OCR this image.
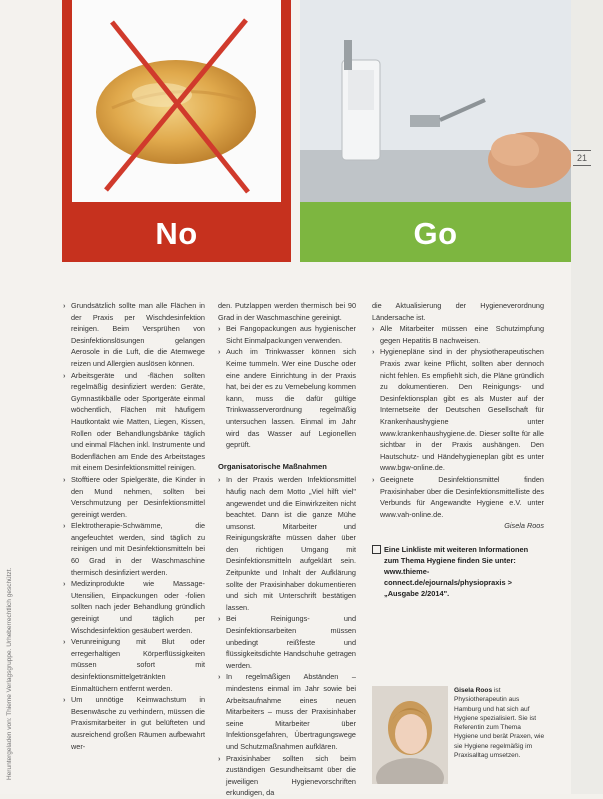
Heruntergeladen von: Thieme Verlagsgruppe. Urheberrechtlich geschützt.
No	Go
21
› Grundsätzlich sollte man alle Flächen in der Praxis per Wischdesinfektion reinigen. Beim Versprühen von Desinfektionslösungen gelangen Aerosole in die Luft, die die Atemwege reizen und Allergien auslösen können.
› Arbeitsgeräte und -flächen sollten regelmäßig desinfiziert werden: Geräte, Gymnastikbälle oder Sportgeräte einmal wöchentlich, Flächen mit häufigem Hautkontakt wie Matten, Liegen, Kissen, Rollen oder Behandlungsbänke täglich und einmal Flächen inkl. Instrumente und Bodenflächen am Ende des Arbeitstages mit einem Desinfektionsmittel reinigen.
› Stofftiere oder Spielgeräte, die Kinder in den Mund nehmen, sollten bei Verschmutzung per Desinfektionsmittel gereinigt werden.
› Elektrotherapie-Schwämme, die angefeuchtet werden, sind täglich zu reinigen und mit Desinfektionsmitteln bei 60 Grad in der Waschmaschine thermisch desinfiziert werden.
› Medizinprodukte wie Massage-Utensilien, Einpackungen oder -folien sollten nach jeder Behandlung gründlich gereinigt und täglich per Wischdesinfektion gesäubert werden.
› Verunreinigung mit Blut oder erregerhaltigen Körperflüssigkeiten müssen sofort mit desinfektionsmittelgetränkten Einmaltüchern entfernt werden.
› Um unnötige Keimwachstum in Besenwäsche zu verhindern, müssen die Praxismitarbeiter in gut belüfteten und ausreichend großen Räumen aufbewahrt wer-

den. Putzlappen werden thermisch bei 90 Grad in der Waschmaschine gereinigt.

› Bei Fangopackungen aus hygienischer Sicht Einmalpackungen verwenden.
› Auch im Trinkwasser können sich Keime tummeln. Wer eine Dusche oder eine andere Einrichtung in der Praxis hat, bei der es zu Vernebelung kommen kann, muss die dafür gültige Trinkwasserverordnung regelmäßig untersuchen lassen. Einmal im Jahr wird das Wasser auf Legionellen geprüft.
Organisatorische Maßnahmen
› In der Praxis werden Infektionsmittel häufig nach dem Motto „Viel hilft viel" angewendet und die Einwirkzeiten nicht beachtet. Dann ist die ganze Mühe umsonst. Mitarbeiter und Reinigungskräfte müssen daher über den richtigen Umgang mit Desinfektionsmitteln aufgeklärt sein. Zeitpunkte und Inhalt der Aufklärung sollte der Praxisinhaber dokumentieren und sich mit Unterschrift bestätigen lassen.
› Bei Reinigungs- und Desinfektionsarbeiten müssen unbedingt reißfeste und flüssigkeitsdichte Handschuhe getragen werden.
› In regelmäßigen Abständen – mindestens einmal im Jahr sowie bei Arbeitsaufnahme eines neuen Mitarbeiters – muss der Praxisinhaber seine Mitarbeiter über Infektionsgefahren, Übertragungswege und Schutzmaßnahmen aufklären.
› Praxisinhaber sollten sich beim zuständigen Gesundheitsamt über die jeweiligen Hygienevorschriften erkundigen, da

die Aktualisierung der Hygieneverordnung Ländersache ist.

› Alle Mitarbeiter müssen eine Schutzimpfung gegen Hepatitis B nachweisen.
› Hygienepläne sind in der physiotherapeutischen Praxis zwar keine Pflicht, sollten aber dennoch nicht fehlen. Es empfiehlt sich, die Pläne gründlich zu dokumentieren. Den Reinigungs- und Desinfektionsplan gibt es als Muster auf der Internetseite der Deutschen Gesellschaft für Krankenhaushygiene unter www.krankenhaushygiene.de. Dieser sollte für alle sichtbar in der Praxis aushängen. Den Hautschutz- und Händehygieneplan gibt es unter www.bgw-online.de.
› Geeignete Desinfektionsmittel finden Praxisinhaber über die Desinfektionsmittelliste des Verbunds für Angewandte Hygiene e.V. unter www.vah-online.de.

Gisela Roos

Eine Linkliste mit weiteren Informationen zum Thema Hygiene finden Sie unter: www.thieme-connect.de/ejournals/physiopraxis > „Ausgabe 2/2014".
Gisela Roos ist Physiotherapeutin aus Hamburg und hat sich auf Hygiene spezialisiert. Sie ist Referentin zum Thema Hygiene und berät Praxen, wie sie Hygiene regelmäßig im Praxisalltag umsetzen.
